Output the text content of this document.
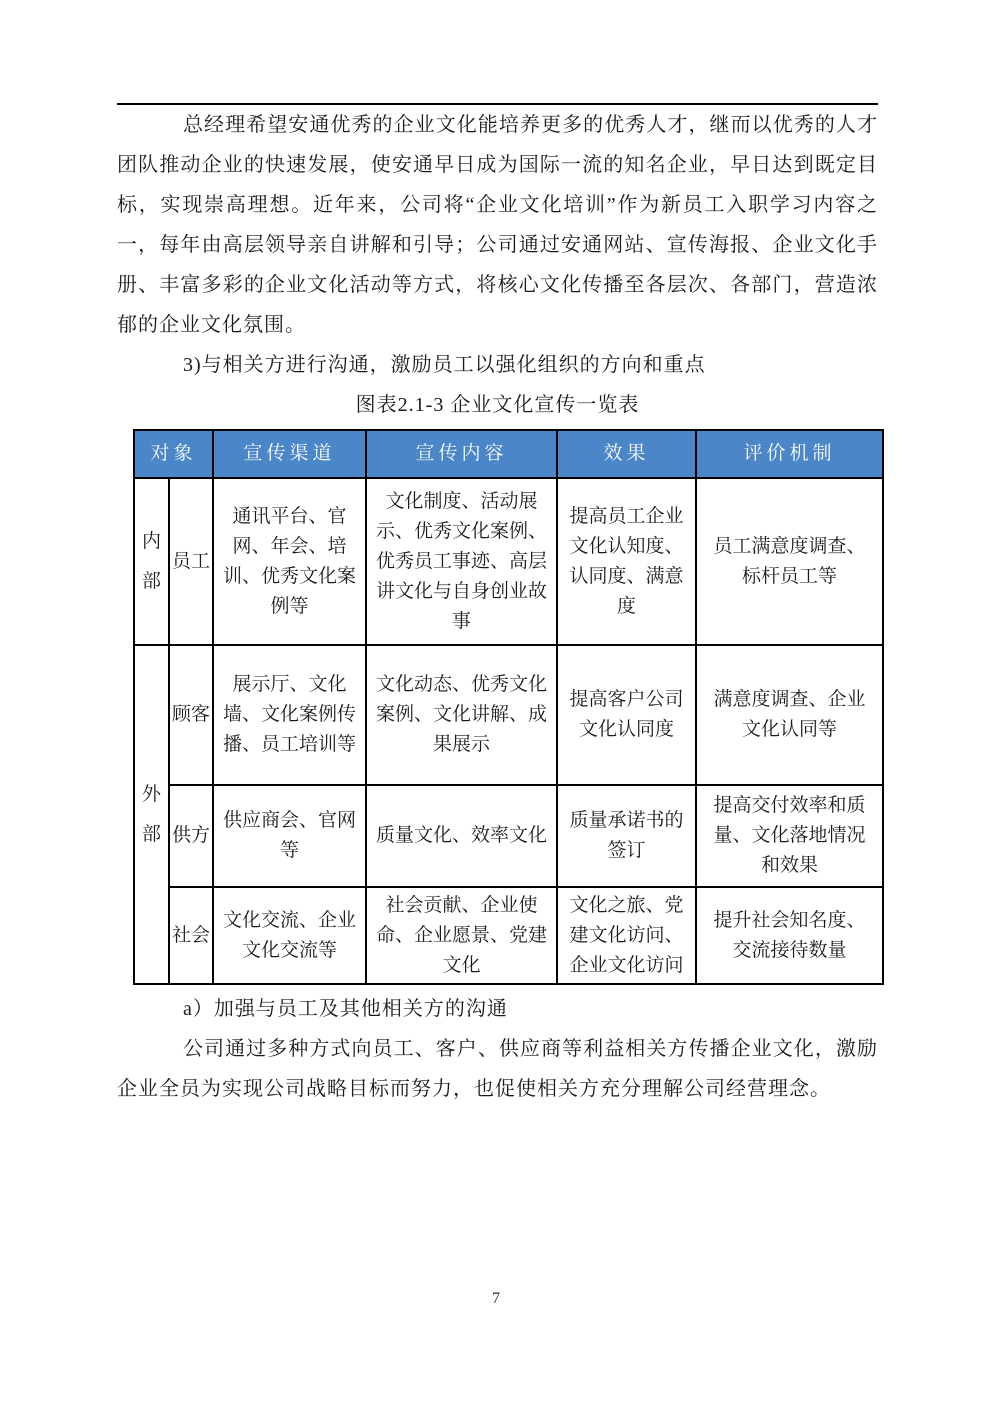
总经理希望安通优秀的企业文化能培养更多的优秀人才，继而以优秀的人才团队推动企业的快速发展，使安通早日成为国际一流的知名企业，早日达到既定目标，实现崇高理想。近年来，公司将“企业文化培训”作为新员工入职学习内容之一，每年由高层领导亲自讲解和引导；公司通过安通网站、宣传海报、企业文化手册、丰富多彩的企业文化活动等方式，将核心文化传播至各层次、各部门，营造浓郁的企业文化氛围。

3)与相关方进行沟通，激励员工以强化组织的方向和重点

图表2.1-3 企业文化宣传一览表

对象		宣传渠道	宣传内容	效果	评价机制
内部	员工	通讯平台、官网、年会、培训、优秀文化案例等	文化制度、活动展示、优秀文化案例、优秀员工事迹、高层讲文化与自身创业故事	提高员工企业文化认知度、认同度、满意度	员工满意度调查、标杆员工等
外部	顾客	展示厅、文化墙、文化案例传播、员工培训等	文化动态、优秀文化案例、文化讲解、成果展示	提高客户公司文化认同度	满意度调查、企业文化认同等
	供方	供应商会、官网等	质量文化、效率文化	质量承诺书的签订	提高交付效率和质量、文化落地情况和效果
	社会	文化交流、企业文化交流等	社会贡献、企业使命、企业愿景、党建文化	文化之旅、党建文化访问、企业文化访问	提升社会知名度、交流接待数量

a）加强与员工及其他相关方的沟通

公司通过多种方式向员工、客户、供应商等利益相关方传播企业文化，激励企业全员为实现公司战略目标而努力，也促使相关方充分理解公司经营理念。

7
